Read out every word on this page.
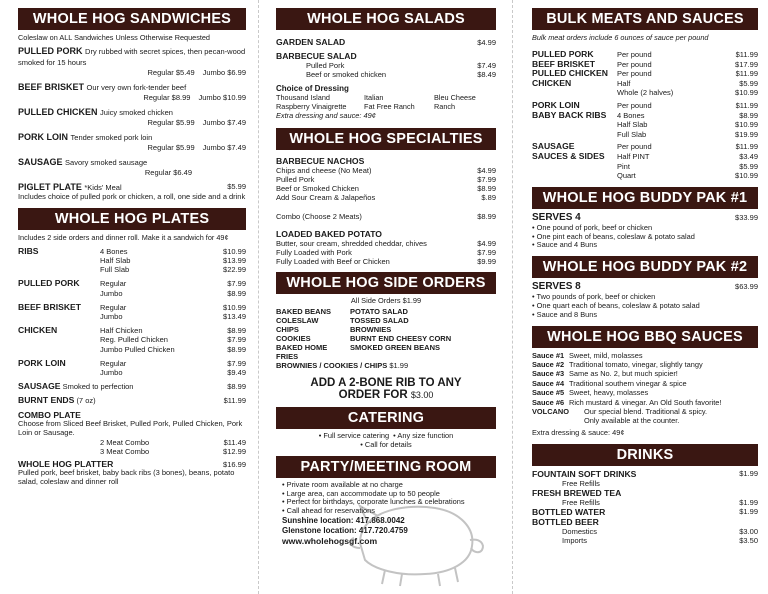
WHOLE HOG SANDWICHES
Coleslaw on ALL Sandwiches Unless Otherwise Requested
PULLED PORK Dry rubbed with secret spices, then pecan-wood smoked for 15 hours
Regular $5.49 Jumbo $6.99
BEEF BRISKET Our very own fork-tender beef
Regular $8.99 Jumbo $10.99
PULLED CHICKEN Juicy smoked chicken
Regular $5.99 Jumbo $7.49
PORK LOIN Tender smoked pork loin
Regular $5.99 Jumbo $7.49
SAUSAGE Savory smoked sausage
Regular $6.49
PIGLET PLATE *Kids' Meal	$5.99
Includes choice of pulled pork or chicken, a roll, one side and a drink
WHOLE HOG PLATES
Includes 2 side orders and dinner roll. Make it a sandwich for 49¢
RIBS	4 Bones	$10.99
Half Slab	$13.99
Full Slab	$22.99
PULLED PORK	Regular	$7.99
Jumbo	$8.99
BEEF BRISKET	Regular	$10.99
Jumbo	$13.49
CHICKEN	Half Chicken	$8.99
Reg. Pulled Chicken	$7.99
Jumbo Pulled Chicken	$8.99
PORK LOIN	Regular	$7.99
Jumbo	$9.49
SAUSAGE Smoked to perfection	$8.99
BURNT ENDS (7 oz)	$11.99
COMBO PLATE
Choose from Sliced Beef Brisket, Pulled Pork, Pulled Chicken, Pork Loin or Sausage.
2 Meat Combo	$11.49
3 Meat Combo	$12.99
WHOLE HOG PLATTER	$16.99
Pulled pork, beef brisket, baby back ribs (3 bones), beans, potato salad, coleslaw and dinner roll
WHOLE HOG SALADS
GARDEN SALAD	$4.99
BARBECUE SALAD
Pulled Pork	$7.49
Beef or smoked chicken	$8.49
Choice of Dressing
Thousand Island	Italian	Bleu Cheese
Raspberry Vinaigrette	Fat Free Ranch	Ranch
Extra dressing and sauce: 49¢
WHOLE HOG SPECIALTIES
BARBECUE NACHOS
Chips and cheese (No Meat)	$4.99
Pulled Pork	$7.99
Beef or Smoked Chicken	$8.99
Add Sour Cream & Jalapeños	$.89
Combo (Choose 2 Meats)	$8.99
LOADED BAKED POTATO
Butter, sour cream, shredded cheddar, chives	$4.99
Fully Loaded with Pork	$7.99
Fully Loaded with Beef or Chicken	$9.99
WHOLE HOG SIDE ORDERS
All Side Orders $1.99
BAKED BEANS	POTATO SALAD
COLESLAW	TOSSED SALAD
CHIPS	BROWNIES
COOKIES	BURNT END CHEESY CORN
BAKED HOME FRIES
SMOKED GREEN BEANS
BROWNIES / COOKIES / CHIPS $1.99
ADD A 2-BONE RIB TO ANY
ORDER FOR $3.00
CATERING
• Full service catering • Any size function
• Call for details
PARTY/MEETING ROOM
• Private room available at no charge
• Large area, can accommodate up to 50 people
• Perfect for birthdays, corporate lunches & celebrations
• Call ahead for reservations
Sunshine location: 417.868.0042
Glenstone location: 417.720.4759
www.wholehogsgf.com
BULK MEATS AND SAUCES
Bulk meat orders include 6 ounces of sauce per pound
PULLED PORK	Per pound	$11.99
BEEF BRISKET	Per pound	$17.99
PULLED CHICKEN	Per pound	$11.99
CHICKEN	Half	$5.99
Whole (2 halves)	$10.99
PORK LOIN	Per pound	$11.99
BABY BACK RIBS	4 Bones	$8.99
Half Slab	$10.99
Full Slab	$19.99
SAUSAGE	Per pound	$11.99
SAUCES & SIDES	Half PINT	$3.49
Pint	$5.99
Quart	$10.99
WHOLE HOG BUDDY PAK #1
SERVES 4	$33.99
• One pound of pork, beef or chicken
• One pint each of beans, coleslaw & potato salad
• Sauce and 4 Buns
WHOLE HOG BUDDY PAK #2
SERVES 8	$63.99
• Two pounds of pork, beef or chicken
• One quart each of beans, coleslaw & potato salad
• Sauce and 8 Buns
WHOLE HOG BBQ SAUCES
Sauce #1 Sweet, mild, molasses
Sauce #2 Traditional tomato, vinegar, slightly tangy
Sauce #3 Same as No. 2, but much spicier!
Sauce #4 Traditional southern vinegar & spice
Sauce #5 Sweet, heavy, molasses
Sauce #6 Rich mustard & vinegar. An Old South favorite!
VOLCANO	Our special blend. Traditional & spicy.
Only available at the counter.
Extra dressing & sauce: 49¢
DRINKS
FOUNTAIN SOFT DRINKS	$1.99
Free Refills
FRESH BREWED TEA
Free Refills	$1.99
BOTTLED WATER	$1.99
BOTTLED BEER
Domestics	$3.00
Imports	$3.50
